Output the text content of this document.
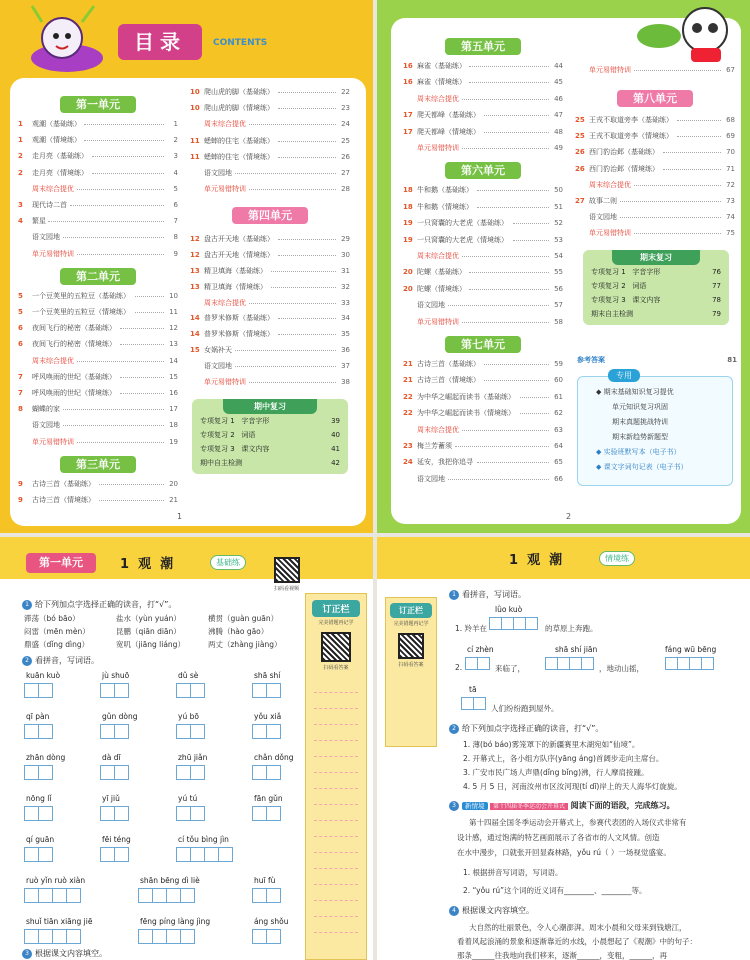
目录	CONTENTS
第一单元
1 观潮（基础练）	1
1 观潮（情境练）	2
2 走月亮（基础练）	3
2 走月亮（情境练）	4
周末综合提优	5
3 现代诗二首	6
4 繁星	7
语文园地	8
单元易错特训	9
第二单元
5 一个豆荚里的五粒豆（基础练）	10
5 一个豆荚里的五粒豆（情境练）	11
6 夜间飞行的秘密（基础练）	12
6 夜间飞行的秘密（情境练）	13
周末综合提优	14
7 呼风唤雨的世纪（基础练）	15
7 呼风唤雨的世纪（情境练）	16
8 蝴蝶的家	17
语文园地	18
单元易错特训	19
第三单元
9 古诗三首（基础练）	20
9 古诗三首（情境练）	21
10 爬山虎的脚（基础练）	22
10 爬山虎的脚（情境练）	23
周末综合提优	24
11 蟋蟀的住宅（基础练）	25
11 蟋蟀的住宅（情境练）	26
语文园地	27
单元易错特训	28
第四单元
12 盘古开天地（基础练）	29
12 盘古开天地（情境练）	30
13 精卫填海（基础练）	31
13 精卫填海（情境练）	32
周末综合提优	33
14 普罗米修斯（基础练）	34
14 普罗米修斯（情境练）	35
15 女娲补天	36
语文园地	37
单元易错特训	38
期中复习
专项复习 1   字音字形	39
专项复习 2   词语	40
专项复习 3   课文内容	41
期中自主检测	42
1
第五单元
16 麻雀（基础练）	44
16 麻雀（情境练）	45
周末综合提优	46
17 爬天都峰（基础练）	47
17 爬天都峰（情境练）	48
单元易错特训	49
第六单元
18 牛和鹅（基础练）	50
18 牛和鹅（情境练）	51
19 一只窝囊的大老虎（基础练）	52
19 一只窝囊的大老虎（情境练）	53
周末综合提优	54
20 陀螺（基础练）	55
20 陀螺（情境练）	56
语文园地	57
单元易错特训	58
第七单元
21 古诗三首（基础练）	59
21 古诗三首（情境练）	60
22 为中华之崛起而读书（基础练）	61
22 为中华之崛起而读书（情境练）	62
周末综合提优	63
23 梅兰芳蓄须	64
24 延安，我把你追寻	65
语文园地	66
单元易错特训	67
第八单元
25 王戎不取道旁李（基础练）	68
25 王戎不取道旁李（情境练）	69
26 西门豹治邺（基础练）	70
26 西门豹治邺（情境练）	71
周末综合提优	72
27 故事二则	73
语文园地	74
单元易错特训	75
期末复习
专项复习 1   字音字形	76
专项复习 2   词语	77
专项复习 3   课文内容	78
期末自主检测	79
参考答案	81
专用
◆ 期末基础知识复习提优
单元知识复习巩固
期末真题挑战特训
期末新趋势新题型
◆ 实验班默写本（电子书）
◆ 课文字词句记表（电子书）
2
第一单元	1  观  潮	基础练
扫码看视频
1 给下列加点字选择正确的读音，打“√”。
滞荡（bó bāo）	盐水（yùn yuán）	横贯（guàn guān）
闷雷（mēn mèn）	昆鹏（qiān diān）	沸腾（hào gāo）
鼎盛（dǐng dìng）	宽叽（jiāng liáng）	两丈（zhàng jiàng）
2 看拼音，写词语。
kuān kuò	jù shuō	dǔ sè	shā shí
qī pàn	gǔn dòng	yú bō	yǒu xiǎ
zhān dòng	dà dī	zhū jiǎn	chǎn dǒng
nōng lǐ	yī jiǔ	yú tú	fān gǔn
qí guān	fēi téng	cí tǒu bìng jìn
ruò yǐn ruò xiàn	shān bēng dì liè	huī fù
shuǐ tiān xiāng jiē	fēng píng làng jìng	áng shǒu
3 根据课文内容填空。
订正栏
完美错题再记学
扫码看答案
1  观  潮	情境练
订正栏
完美错题再记学
扫码看答案
1 看拼音，写词语。
lǜo kuò
1. 羚羊在	的草原上奔跑。
cí zhèn	shā shí jiān	fáng wū bēng
2.	来临了，	，地动山摇，
tā
人们纷纷跑到屋外。
2 给下列加点字选择正确的读音，打“√”。
1. 薄(bó báo)雾笼罩下的新疆赛里木湖宛如“仙境”。
2. 开幕式上，各小组方队序(yāng áng)首阔步走向主席台。
3. 广安市民广场人声鼎(dǐng bǐng)沸，行人摩肩接踵。
4. 5 月 5 日，河南汝州市区汝河现(tí dī)岸上的天人海华灯旋旋。
3 新情境 第十四届冬季运动会开幕式 阅读下面的语段，完成练习。
第十四届全国冬季运动会开幕式上，参赛代表团的入场仪式非常有
设计感，通过饱满的特艺画面展示了各省市的人文风情。创造
在水中漫步，口就张开回显森林路，yǒu rú（ ）一场视觉盛宴。
1. 根据拼音写词语，写词语。
2. “yǒu rú”这个词的近义词有________、________等。
4 根据课文内容填空。
大自然的壮丽景色，令人心潮澎湃。周末小晨和父母来到钱塘江，
看着风起浪涌的景象和逐渐靠近的水线，小晨想起了《观潮》中的句子：
那条______往我地向我们移来，逐渐______，变粗，______，再
